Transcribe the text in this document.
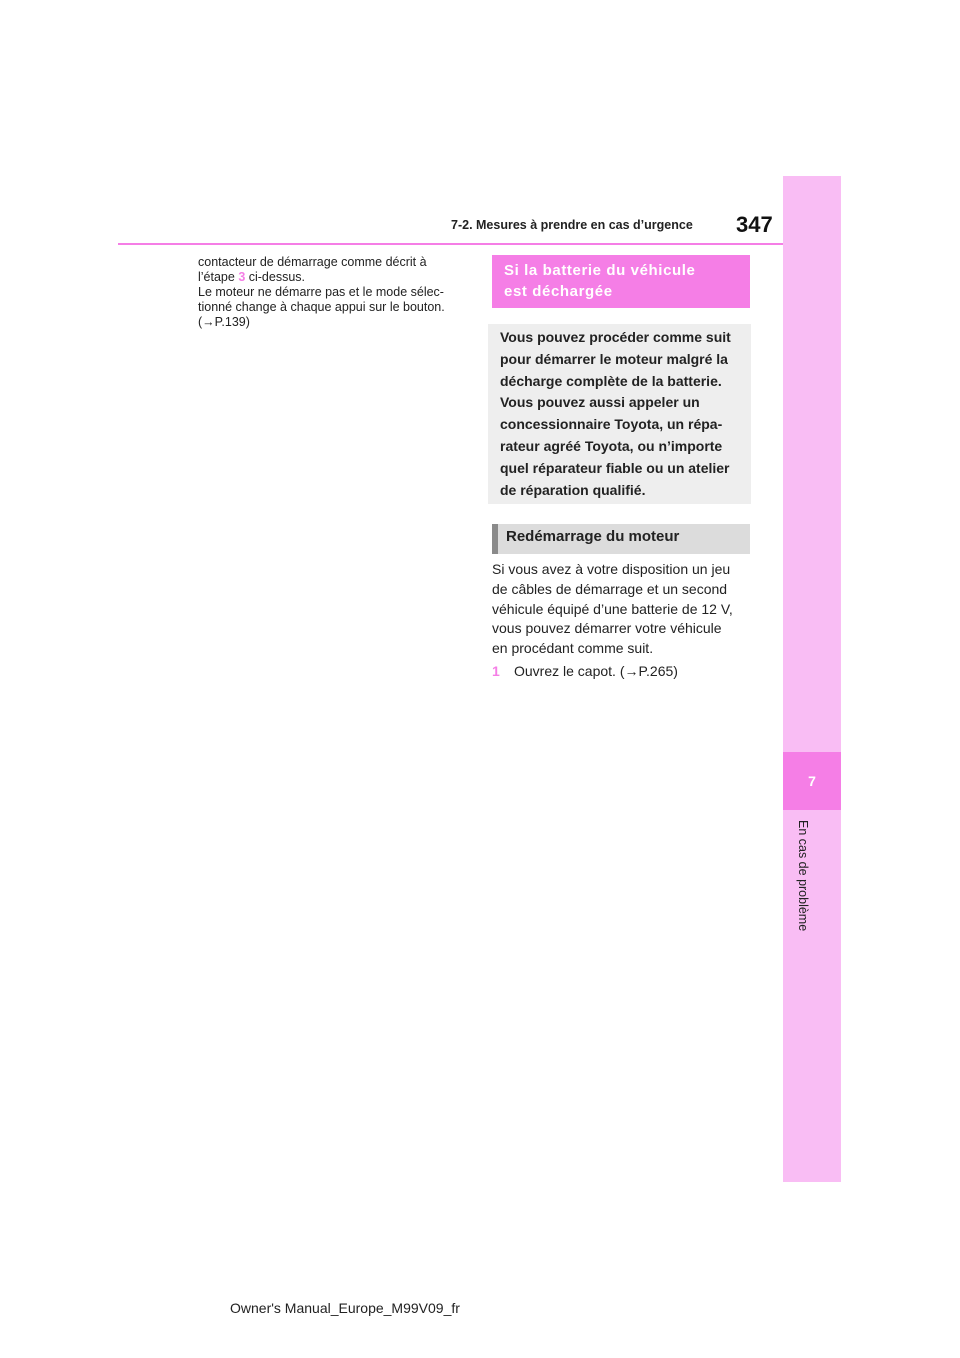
7
En cas de problème
347
7-2. Mesures à prendre en cas d’urgence

contacteur de démarrage comme décrit à

l’étape 3 ci-dessus.

Le moteur ne démarre pas et le mode sélec-

tionné change à chaque appui sur le bouton.

(→P.139)

Si la batterie du véhicule
est déchargée

Vous pouvez procéder comme suit

pour démarrer le moteur malgré la

décharge complète de la batterie.

Vous pouvez aussi appeler un

concessionnaire Toyota, un répa-

rateur agréé Toyota, ou n’importe

quel réparateur fiable ou un atelier

de réparation qualifié.

Redémarrage du moteur

Si vous avez à votre disposition un jeu

de câbles de démarrage et un second

véhicule équipé d’une batterie de 12 V,

vous pouvez démarrer votre véhicule

en procédant comme suit.

1	Ouvrez le capot. (→P.265)
Owner's Manual_Europe_M99V09_fr
